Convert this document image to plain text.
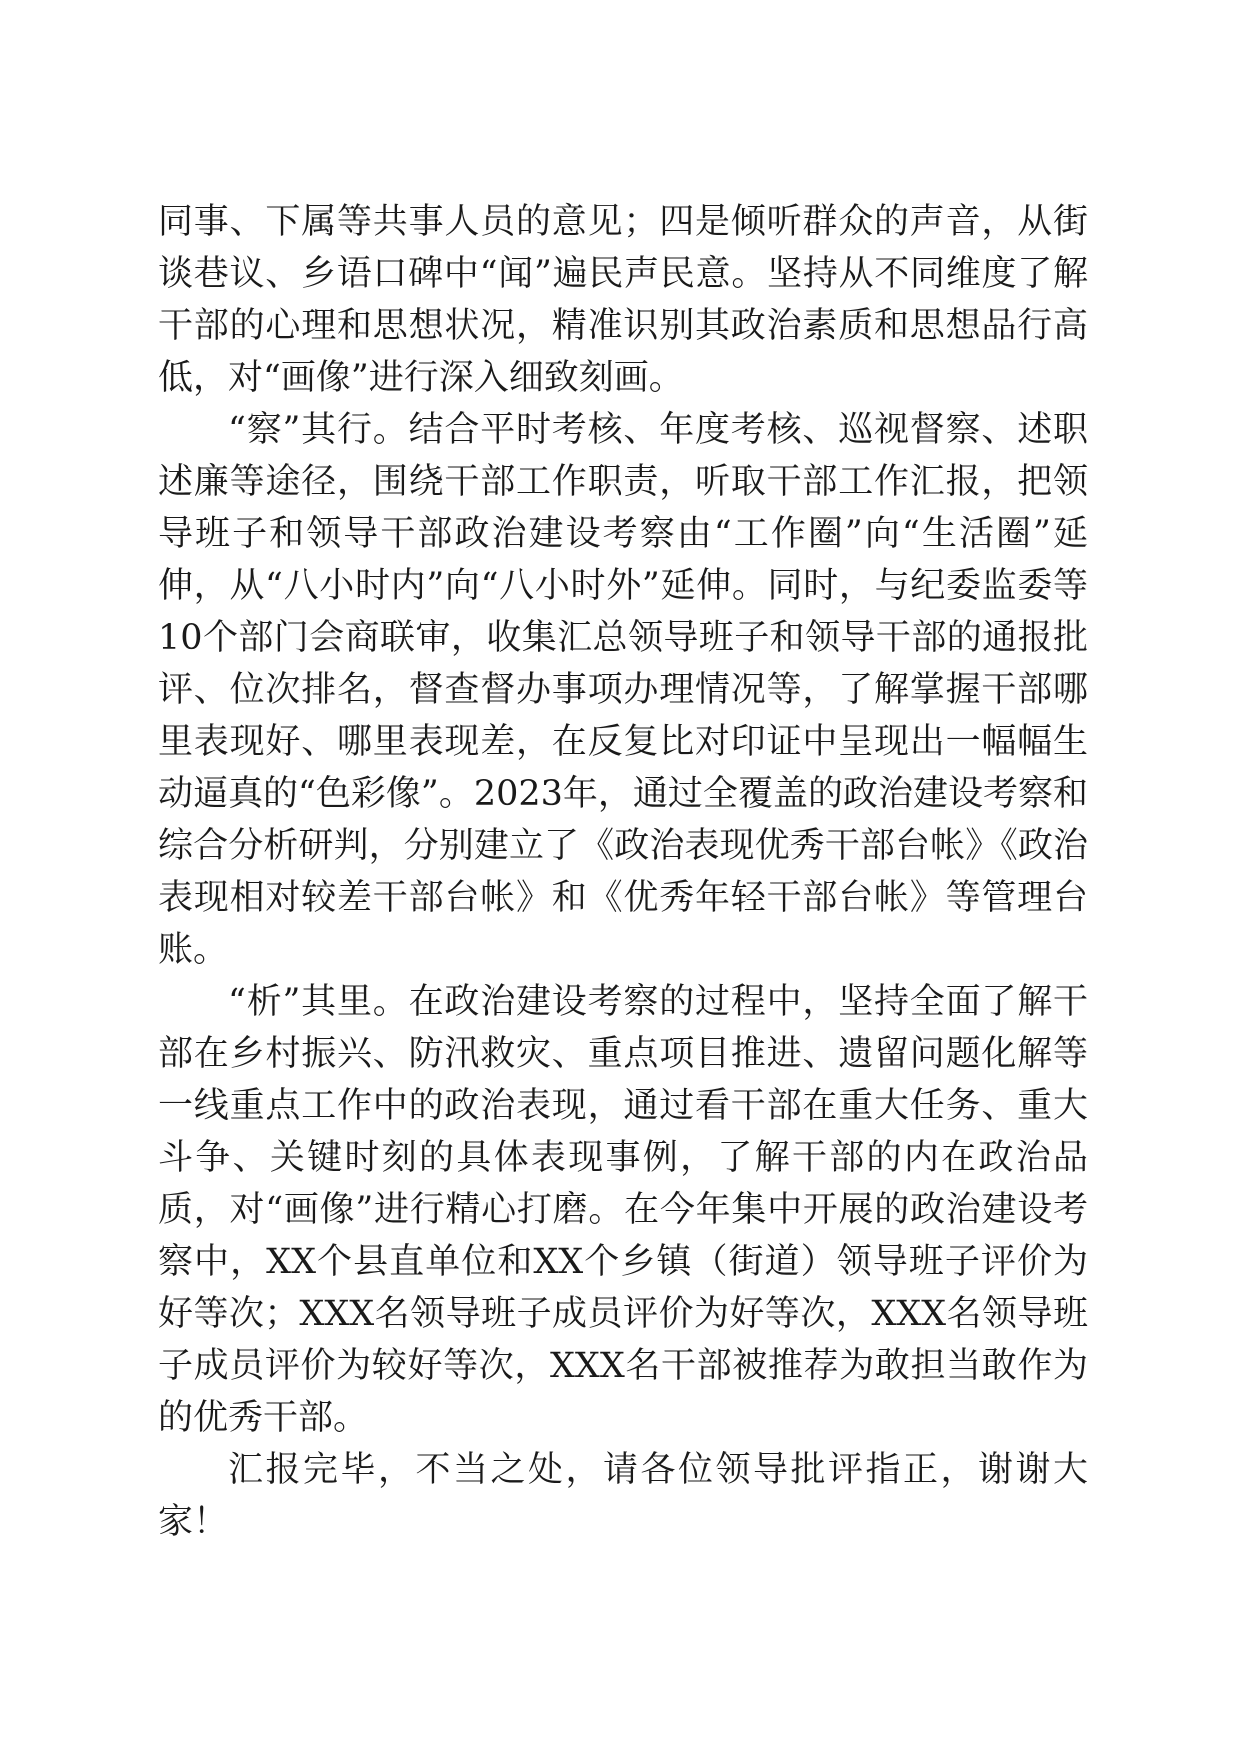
同事、下属等共事人员的意见；四是倾听群众的声音，从街谈巷议、乡语口碑中“闻”遍民声民意。坚持从不同维度了解干部的心理和思想状况，精准识别其政治素质和思想品行高低，对“画像”进行深入细致刻画。

“察”其行。结合平时考核、年度考核、巡视督察、述职述廉等途径，围绕干部工作职责，听取干部工作汇报，把领导班子和领导干部政治建设考察由“工作圈”向“生活圈”延伸，从“八小时内”向“八小时外”延伸。同时，与纪委监委等10个部门会商联审，收集汇总领导班子和领导干部的通报批评、位次排名，督查督办事项办理情况等，了解掌握干部哪里表现好、哪里表现差，在反复比对印证中呈现出一幅幅生动逼真的“色彩像”。2023年，通过全覆盖的政治建设考察和综合分析研判，分别建立了《政治表现优秀干部台帐》《政治表现相对较差干部台帐》和《优秀年轻干部台帐》等管理台账。

“析”其里。在政治建设考察的过程中，坚持全面了解干部在乡村振兴、防汛救灾、重点项目推进、遗留问题化解等一线重点工作中的政治表现，通过看干部在重大任务、重大斗争、关键时刻的具体表现事例，了解干部的内在政治品质，对“画像”进行精心打磨。在今年集中开展的政治建设考察中，XX个县直单位和XX个乡镇（街道）领导班子评价为好等次；XXX名领导班子成员评价为好等次，XXX名领导班子成员评价为较好等次，XXX名干部被推荐为敢担当敢作为的优秀干部。

汇报完毕，不当之处，请各位领导批评指正，谢谢大家！
